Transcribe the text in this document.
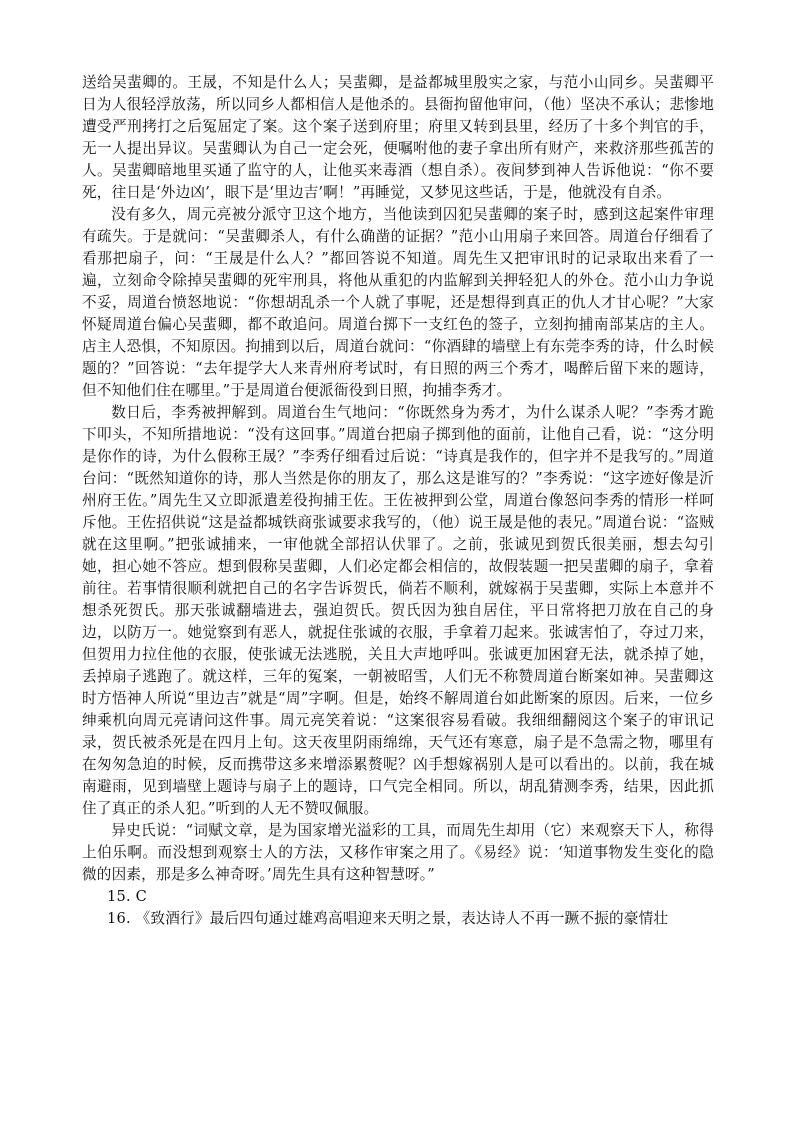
送给吴蜚卿的。王晟，不知是什么人；吴蜚卿，是益都城里殷实之家，与范小山同乡。吴蜚卿平日为人很轻浮放荡，所以同乡人都相信人是他杀的。县衙拘留他审问，（他）坚决不承认；悲惨地遭受严刑拷打之后冤屈定了案。这个案子送到府里；府里又转到县里，经历了十多个判官的手，无一人提出异议。吴蜚卿认为自己一定会死，便嘱咐他的妻子拿出所有财产，来救济那些孤苦的人。吴蜚卿暗地里买通了监守的人，让他买来毒酒（想自杀）。夜间梦到神人告诉他说：“你不要死，往日是‘外边凶’，眼下是‘里边吉’啊！”再睡觉，又梦见这些话，于是，他就没有自杀。

没有多久，周元亮被分派守卫这个地方，当他读到囚犯吴蜚卿的案子时，感到这起案件审理有疏失。于是就问：“吴蜚卿杀人，有什么确凿的证据？”范小山用扇子来回答。周道台仔细看了看那把扇子，问：“王晟是什么人？”都回答说不知道。周先生又把审讯时的记录取出来看了一遍，立刻命令除掉吴蜚卿的死牢刑具，将他从重犯的内监解到关押轻犯人的外仓。范小山力争说不妥，周道台愤怒地说：“你想胡乱杀一个人就了事呢，还是想得到真正的仇人才甘心呢？”大家怀疑周道台偏心吴蜚卿，都不敢追问。周道台掷下一支红色的签子，立刻拘捕南部某店的主人。店主人恐惧，不知原因。拘捕到以后，周道台就问：“你酒肆的墙壁上有东莞李秀的诗，什么时候题的？”回答说：“去年提学大人来青州府考试时，有日照的两三个秀才，喝醉后留下来的题诗，但不知他们住在哪里。”于是周道台便派衙役到日照，拘捕李秀才。

数日后，李秀被押解到。周道台生气地问：“你既然身为秀才，为什么谋杀人呢？”李秀才跪下叩头，不知所措地说：“没有这回事。”周道台把扇子掷到他的面前，让他自己看，说：“这分明是你作的诗，为什么假称王晟？”李秀仔细看过后说：“诗真是我作的，但字并不是我写的。”周道台问：“既然知道你的诗，那人当然是你的朋友了，那么这是谁写的？”李秀说：“这字迹好像是沂州府王佐。”周先生又立即派遣差役拘捕王佐。王佐被押到公堂，周道台像怒问李秀的情形一样呵斥他。王佐招供说“这是益都城铁商张诚要求我写的，（他）说王晟是他的表兄。”周道台说：“盗贼就在这里啊。”把张诚捕来，一审他就全部招认伏罪了。之前，张诚见到贺氏很美丽，想去勾引她，担心她不答应。想到假称吴蜚卿，人们必定都会相信的，故假装题一把吴蜚卿的扇子，拿着前往。若事情很顺利就把自己的名字告诉贺氏，倘若不顺利，就嫁祸于吴蜚卿，实际上本意并不想杀死贺氏。那天张诚翻墙进去，强迫贺氏。贺氏因为独自居住，平日常将把刀放在自己的身边，以防万一。她觉察到有恶人，就捉住张诚的衣服，手拿着刀起来。张诚害怕了，夺过刀来，但贺用力拉住他的衣服，使张诚无法逃脱，关且大声地呼叫。张诚更加困窘无法，就杀掉了她，丢掉扇子逃跑了。就这样，三年的冤案，一朝被昭雪，人们无不称赞周道台断案如神。吴蜚卿这时方悟神人所说“里边吉”就是“周”字啊。但是，始终不解周道台如此断案的原因。后来，一位乡绅乘机向周元亮请问这件事。周元亮笑着说：“这案很容易看破。我细细翻阅这个案子的审讯记录，贺氏被杀死是在四月上旬。这天夜里阴雨绵绵，天气还有寒意，扇子是不急需之物，哪里有在匆匆急迫的时候，反而携带这多来增添累赘呢？凶手想嫁祸别人是可以看出的。以前，我在城南避雨，见到墙壁上题诗与扇子上的题诗，口气完全相同。所以，胡乱猜测李秀，结果，因此抓住了真正的杀人犯。”听到的人无不赞叹佩服。

异史氏说：“词赋文章，是为国家增光溢彩的工具，而周先生却用（它）来观察天下人，称得上伯乐啊。而没想到观察士人的方法，又移作审案之用了。《易经》说：‘知道事物发生变化的隐微的因素，那是多么神奇呀。’周先生具有这种智慧呀。”

15. C

16. 《致酒行》最后四句通过雄鸡高唱迎来天明之景，表达诗人不再一蹶不振的豪情壮
